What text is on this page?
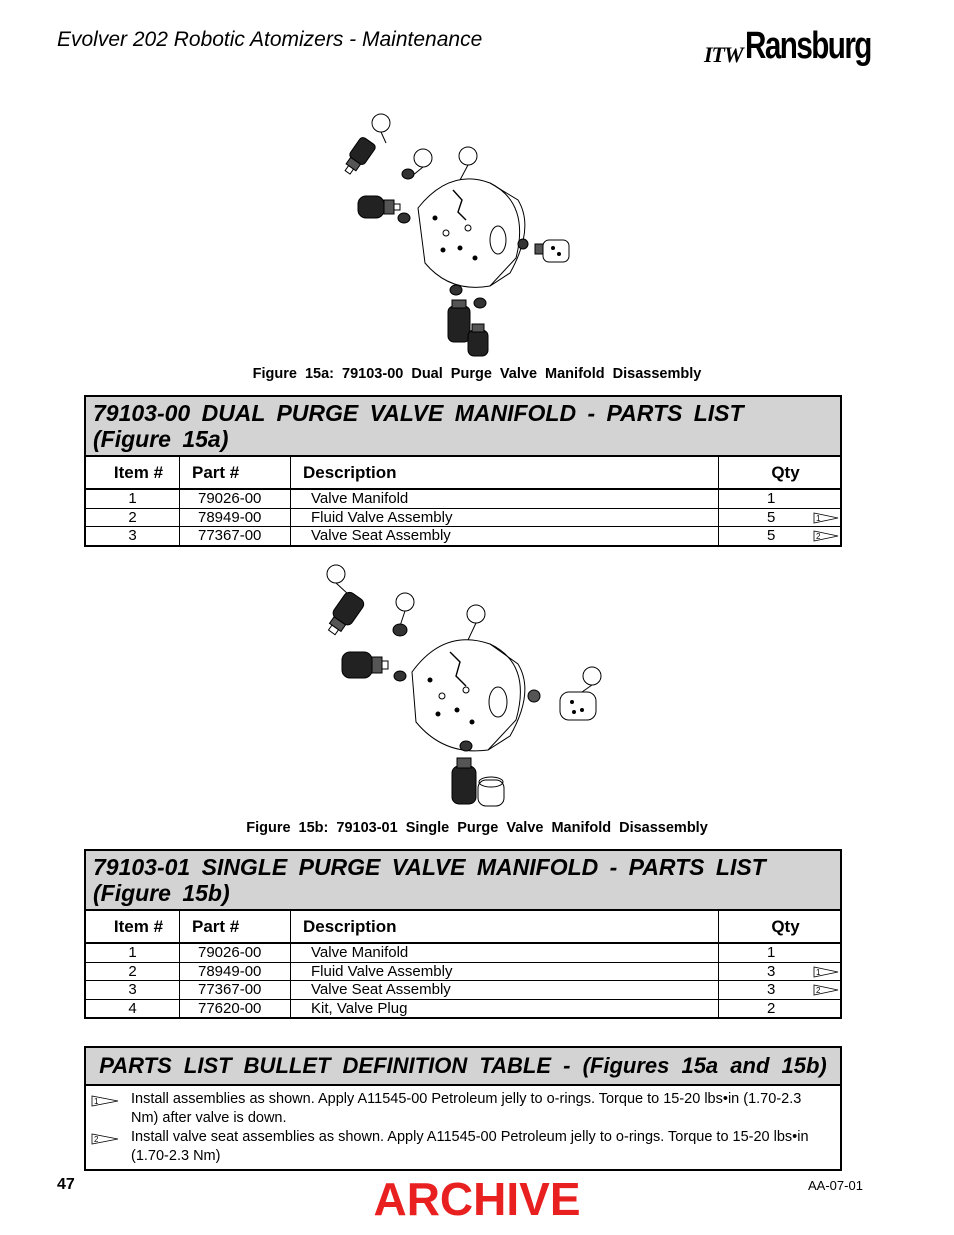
Evolver 202 Robotic Atomizers - Maintenance
ITW Ransburg
Figure 15a: 79103-00 Dual Purge Valve Manifold Disassembly
79103-00 DUAL PURGE VALVE MANIFOLD - PARTS LIST (Figure 15a)
Item #	Part #	Description	Qty
1	79026-00	Valve Manifold	1

2	78949-00	Fluid Valve Assembly	5 1

3	77367-00	Valve Seat Assembly	5 2
Figure 15b: 79103-01 Single Purge Valve Manifold Disassembly
79103-01 SINGLE PURGE VALVE MANIFOLD - PARTS LIST (Figure 15b)
Item #	Part #	Description	Qty
1	79026-00	Valve Manifold	1

2	78949-00	Fluid Valve Assembly	3 1

3	77367-00	Valve Seat Assembly	3 2

4	77620-00	Kit, Valve Plug	2
PARTS LIST BULLET DEFINITION TABLE - (Figures 15a and 15b)
1 Install assemblies as shown. Apply A11545-00 Petroleum jelly to o-rings. Torque to 15-20 lbs•in (1.70-2.3 Nm) after valve is down.
2 Install valve seat assemblies as shown. Apply A11545-00 Petroleum jelly to o-rings. Torque to 15-20 lbs•in (1.70-2.3 Nm)
47	AA-07-01
ARCHIVE
